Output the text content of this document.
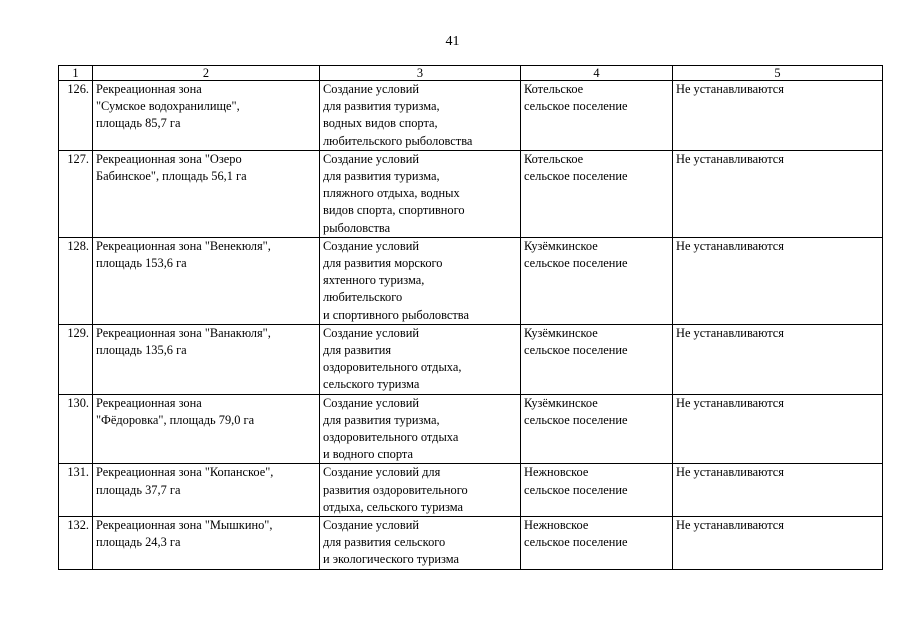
41
1	2	3	4	5
126.	Рекреационная зона
"Сумское водохранилище",
площадь 85,7 га	Создание условий
для развития туризма,
водных видов спорта,
любительского рыболовства	Котельское
сельское поселение	Не устанавливаются
127.	Рекреационная зона "Озеро
Бабинское", площадь 56,1 га	Создание условий
для развития туризма,
пляжного отдыха, водных
видов спорта, спортивного
рыболовства	Котельское
сельское поселение	Не устанавливаются
128.	Рекреационная зона "Венекюля",
площадь 153,6 га	Создание условий
для развития морского
яхтенного туризма,
любительского
и спортивного рыболовства	Кузёмкинское
сельское поселение	Не устанавливаются
129.	Рекреационная зона "Ванакюля",
площадь 135,6 га	Создание условий
для развития
оздоровительного отдыха,
сельского туризма	Кузёмкинское
сельское поселение	Не устанавливаются
130.	Рекреационная зона
"Фёдоровка", площадь 79,0 га	Создание условий
для развития туризма,
оздоровительного отдыха
и водного спорта	Кузёмкинское
сельское поселение	Не устанавливаются
131.	Рекреационная зона "Копанское",
площадь 37,7 га	Создание условий для
развития оздоровительного
отдыха, сельского туризма	Нежновское
сельское поселение	Не устанавливаются
132.	Рекреационная зона "Мышкино",
площадь 24,3 га	Создание условий
для развития сельского
и экологического туризма	Нежновское
сельское поселение	Не устанавливаются
